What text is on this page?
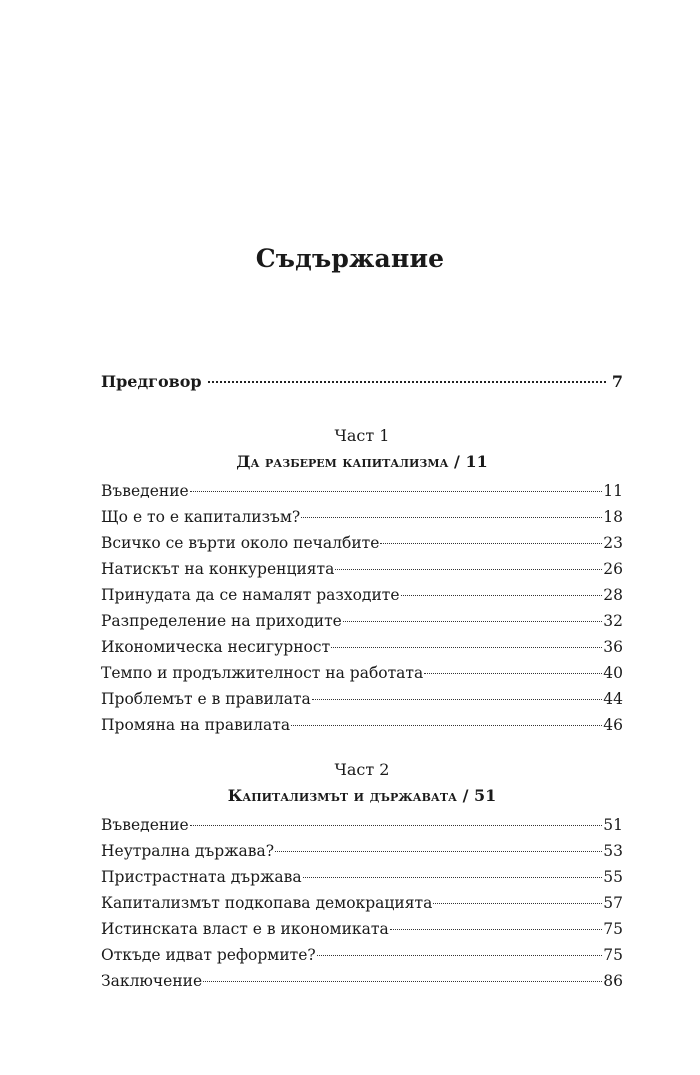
Съдържание
Предговор	7
Част 1
Да разберем капитализма / 11
Въведение	11
Що е то е капитализъм?	18
Всичко се върти около печалбите	23
Натискът на конкуренцията	26
Принудата да се намалят разходите	28
Разпределение на приходите	32
Икономическа несигурност	36
Темпо и продължителност на работата	40
Проблемът е в правилата	44
Промяна на правилата	46
Част 2
Капитализмът и държавата / 51
Въведение	51
Неутрална държава?	53
Пристрастната държава	55
Капитализмът подкопава демокрацията	57
Истинската власт е в икономиката	75
Откъде идват реформите?	75
Заключение	86
